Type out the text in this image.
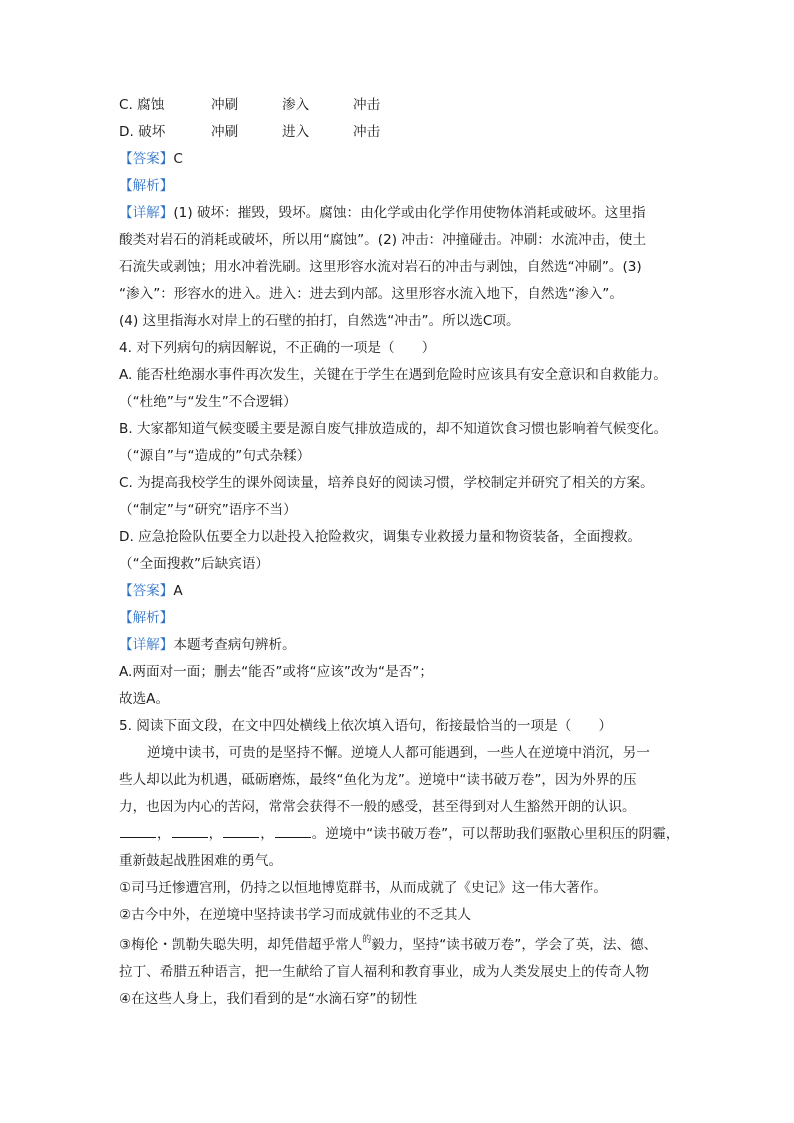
C. 腐蚀	冲刷	渗入	冲击
D. 破坏	冲刷	进入	冲击
【答案】C
【解析】
【详解】(1) 破坏：摧毁，毁坏。腐蚀：由化学或由化学作用使物体消耗或破坏。这里指
酸类对岩石的消耗或破坏，所以用“腐蚀”。(2) 冲击：冲撞碰击。冲刷：水流冲击，使土
石流失或剥蚀；用水冲着洗刷。这里形容水流对岩石的冲击与剥蚀，自然选“冲刷”。(3)
“渗入”：形容水的进入。进入：进去到内部。这里形容水流入地下，自然选“渗入”。
(4) 这里指海水对岸上的石壁的拍打，自然选“冲击”。所以选C项。
4. 对下列病句的病因解说，不正确的一项是（　　）
A. 能否杜绝溺水事件再次发生，关键在于学生在遇到危险时应该具有安全意识和自救能力。
（“杜绝”与“发生”不合逻辑）
B. 大家都知道气候变暖主要是源自废气排放造成的，却不知道饮食习惯也影响着气候变化。
（“源自”与“造成的”句式杂糅）
C. 为提高我校学生的课外阅读量，培养良好的阅读习惯，学校制定并研究了相关的方案。
（“制定”与“研究”语序不当）
D. 应急抢险队伍要全力以赴投入抢险救灾，调集专业救援力量和物资装备，全面搜救。
（“全面搜救”后缺宾语）
【答案】A
【解析】
【详解】本题考查病句辨析。
A.两面对一面；删去“能否”或将“应该”改为“是否”；
故选A。
5. 阅读下面文段，在文中四处横线上依次填入语句，衔接最恰当的一项是（　　）
逆境中读书，可贵的是坚持不懈。逆境人人都可能遇到，一些人在逆境中消沉，另一
些人却以此为机遇，砥砺磨炼，最终“鱼化为龙”。逆境中“读书破万卷”，因为外界的压
力，也因为内心的苦闷，常常会获得不一般的感受，甚至得到对人生豁然开朗的认识。
，	，	，	。逆境中“读书破万卷”，可以帮助我们驱散心里积压的阴霾，
重新鼓起战胜困难的勇气。
①司马迁惨遭宫刑，仍持之以恒地博览群书，从而成就了《史记》这一伟大著作。
②古今中外，在逆境中坚持读书学习而成就伟业的不乏其人
③梅伦・凯勒失聪失明，却凭借超乎常人$^的$毅力，坚持“读书破万卷”，学会了英，法、德、
拉丁、希腊五种语言，把一生献给了盲人福利和教育事业，成为人类发展史上的传奇人物
④在这些人身上，我们看到的是“水滴石穿”的韧性
